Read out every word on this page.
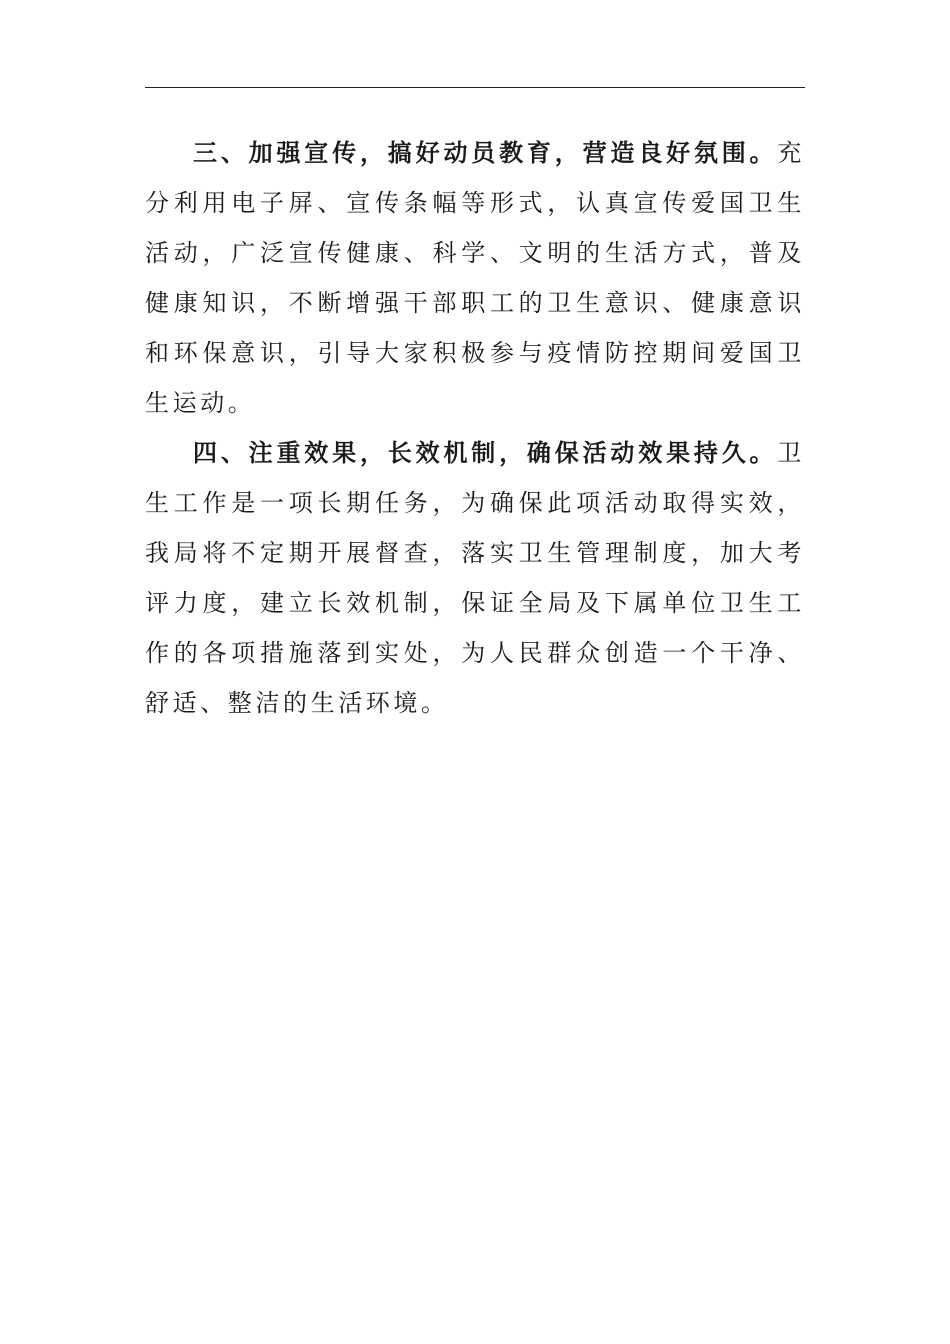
三、加强宣传，搞好动员教育，营造良好氛围。充分利用电子屏、宣传条幅等形式，认真宣传爱国卫生活动，广泛宣传健康、科学、文明的生活方式，普及健康知识，不断增强干部职工的卫生意识、健康意识和环保意识，引导大家积极参与疫情防控期间爱国卫生运动。

四、注重效果，长效机制，确保活动效果持久。卫生工作是一项长期任务，为确保此项活动取得实效，我局将不定期开展督查，落实卫生管理制度，加大考评力度，建立长效机制，保证全局及下属单位卫生工作的各项措施落到实处，为人民群众创造一个干净、舒适、整洁的生活环境。
